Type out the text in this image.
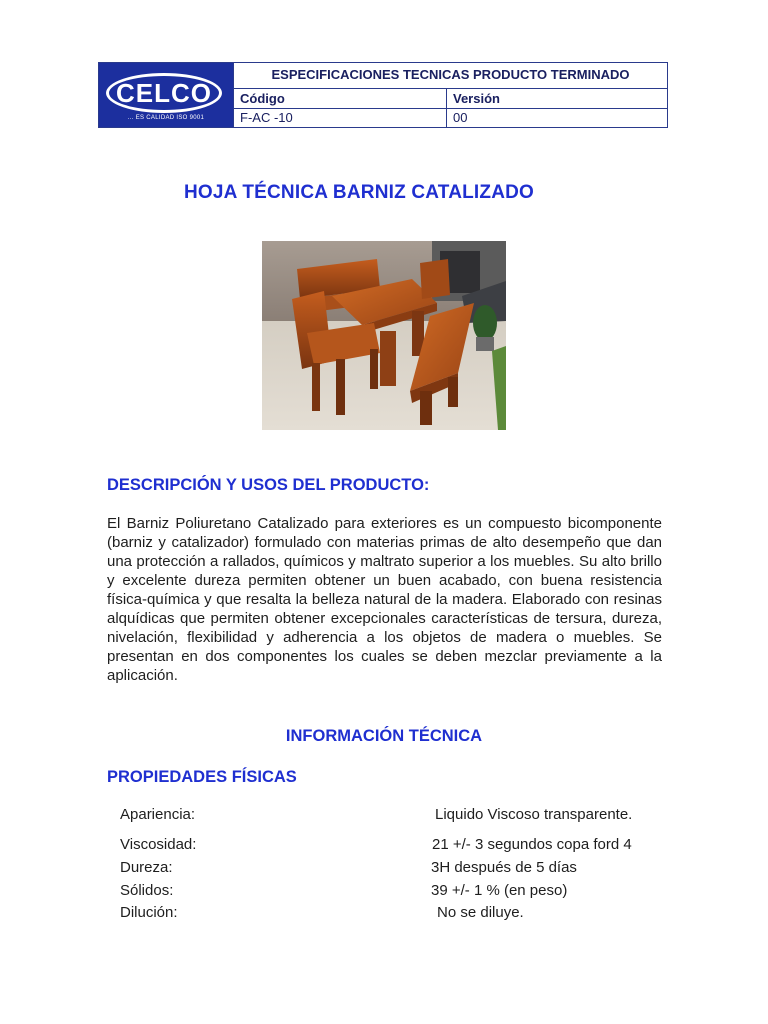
CELCO
... ES CALIDAD ISO 9001
ESPECIFICACIONES TECNICAS PRODUCTO TERMINADO
Código	Versión
F-AC -10	00
HOJA TÉCNICA BARNIZ CATALIZADO
DESCRIPCIÓN Y USOS DEL PRODUCTO:
El Barniz Poliuretano Catalizado para exteriores es un compuesto bicomponente (barniz y catalizador) formulado con materias primas de alto desempeño que dan una protección a rallados, químicos y maltrato superior a los muebles. Su alto brillo y excelente dureza permiten obtener un buen acabado, con buena resistencia física-química y que resalta la belleza natural de la madera. Elaborado con resinas alquídicas que permiten obtener excepcionales características de tersura, dureza, nivelación, flexibilidad y adherencia a los objetos de madera o muebles. Se presentan en dos componentes los cuales se deben mezclar previamente a la aplicación.
INFORMACIÓN TÉCNICA
PROPIEDADES FÍSICAS
Apariencia:	Liquido Viscoso transparente.
Viscosidad:	21 +/- 3 segundos copa ford 4
Dureza:	3H después de 5 días
Sólidos:	39 +/- 1 % (en peso)
Dilución:	No se diluye.
